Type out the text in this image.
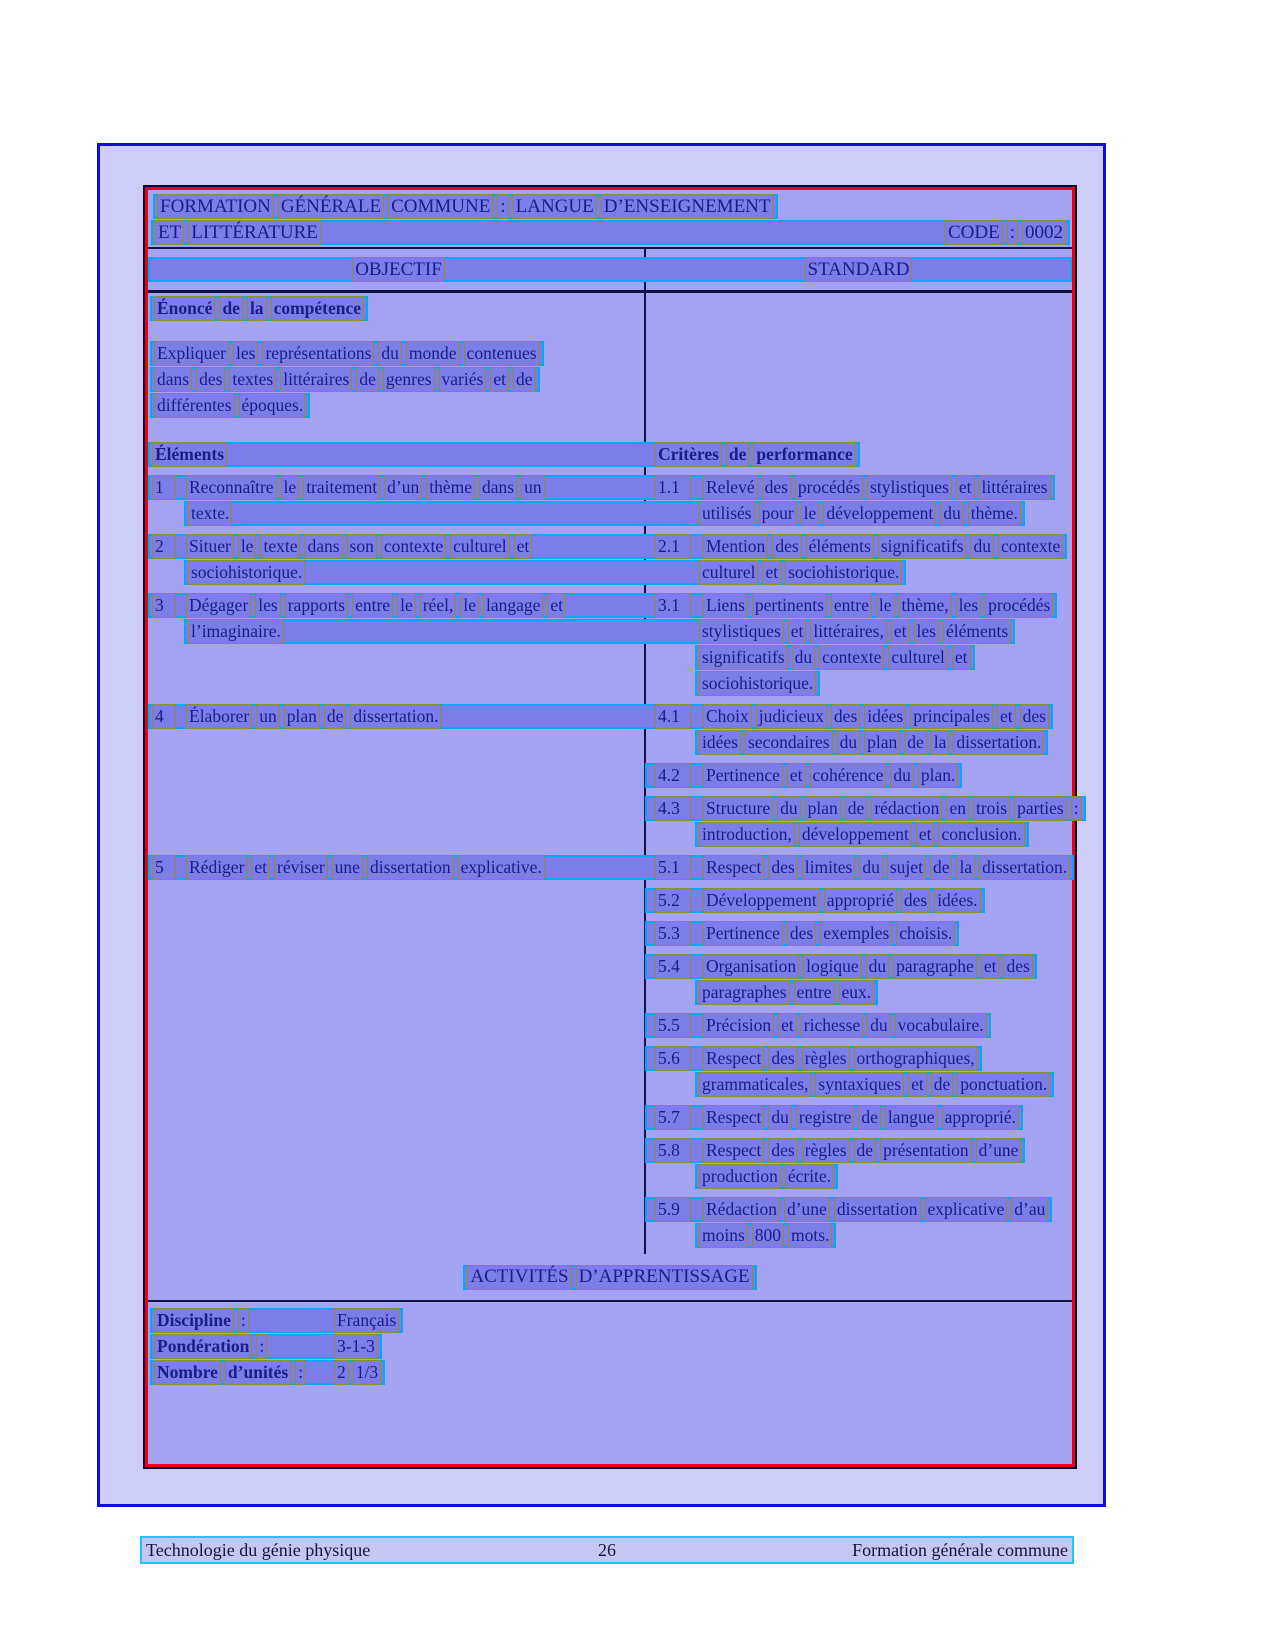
FORMATION GÉNÉRALE COMMUNE : LANGUE D’ENSEIGNEMENT
ET LITTÉRATURE	CODE : 0002
OBJECTIF	STANDARD
Énoncé de la compétence
Expliquer les représentations du monde contenues
dans des textes littéraires de genres variés et de
différentes époques.
Éléments	Critères de performance
1	Reconnaître le traitement d’un thème dans un	1.1	Relevé des procédés stylistiques et littéraires
texte.	utilisés pour le développement du thème.
2	Situer le texte dans son contexte culturel et	2.1	Mention des éléments significatifs du contexte
sociohistorique.	culturel et sociohistorique.
3	Dégager les rapports entre le réel, le langage et	3.1	Liens pertinents entre le thème, les procédés
l’imaginaire.	stylistiques et littéraires, et les éléments
significatifs du contexte culturel et
sociohistorique.
4	Élaborer un plan de dissertation.	4.1	Choix judicieux des idées principales et des
idées secondaires du plan de la dissertation.
4.2	Pertinence et cohérence du plan.
4.3	Structure du plan de rédaction en trois parties :
introduction, développement et conclusion.
5	Rédiger et réviser une dissertation explicative.	5.1	Respect des limites du sujet de la dissertation.
5.2	Développement approprié des idées.
5.3	Pertinence des exemples choisis.
5.4	Organisation logique du paragraphe et des
paragraphes entre eux.
5.5	Précision et richesse du vocabulaire.
5.6	Respect des règles orthographiques,
grammaticales, syntaxiques et de ponctuation.
5.7	Respect du registre de langue approprié.
5.8	Respect des règles de présentation d’une
production écrite.
5.9	Rédaction d’une dissertation explicative d’au
moins 800 mots.
ACTIVITÉS D’APPRENTISSAGE
Discipline :	Français
Pondération :	3-1-3
Nombre d’unités : 2 1/3
Technologie du génie physique	26	Formation générale commune
